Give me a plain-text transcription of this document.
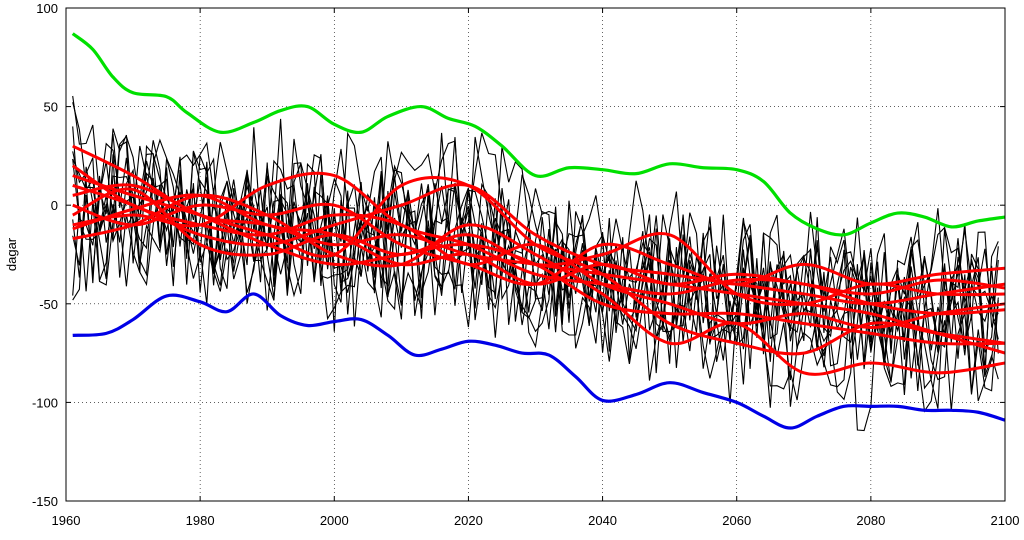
1960	1980	2000	2020	2040	2060	2080	2100
-150
-100
-50
0
50
100
dagar
